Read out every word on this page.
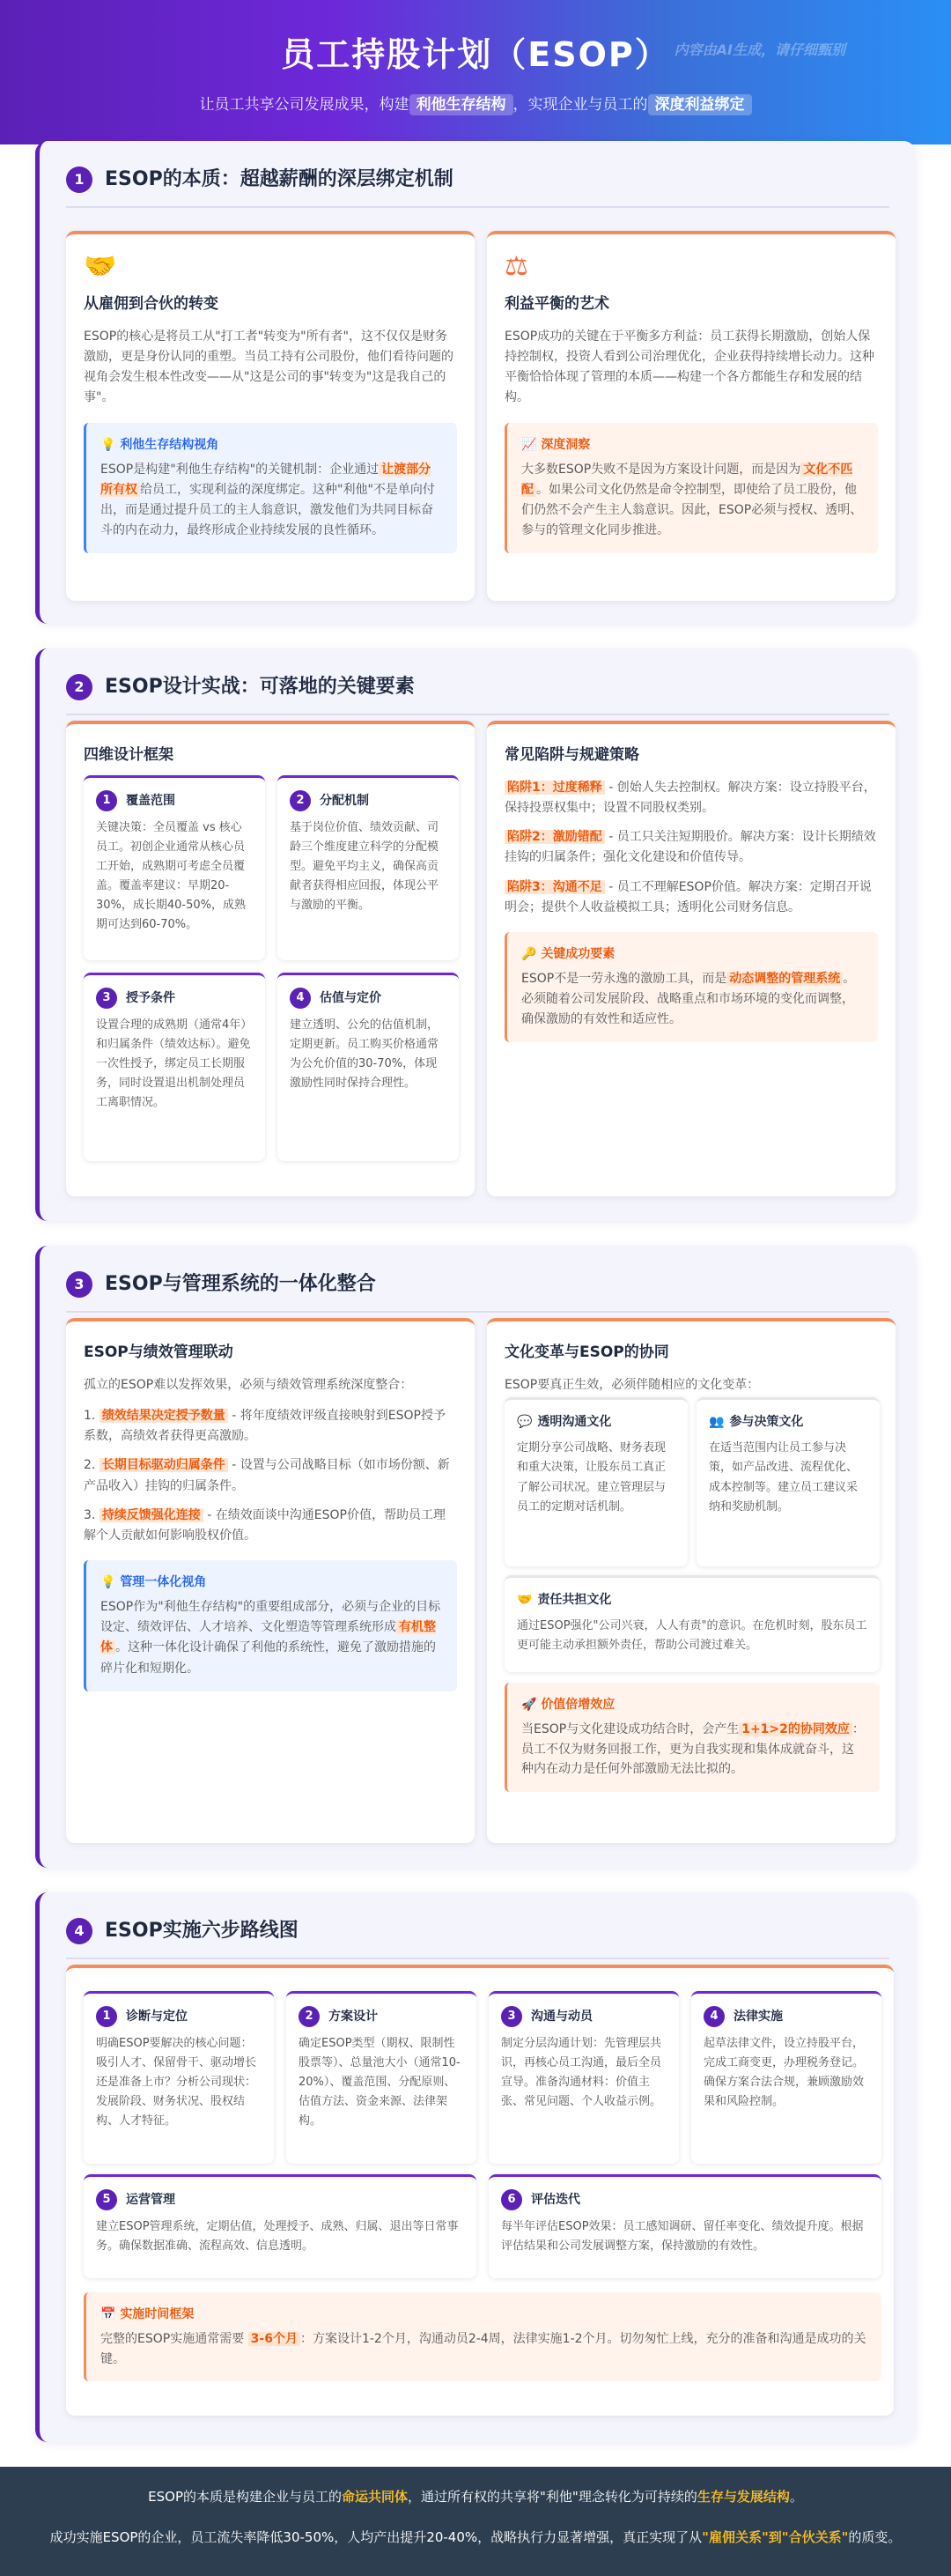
员工持股计划（ESOP）
让员工共享公司发展成果，构建 利他生存结构 ，实现企业与员工的 深度利益绑定
内容由AI生成，请仔细甄别
1	ESOP的本质：超越薪酬的深层绑定机制
🤝
从雇佣到合伙的转变

ESOP的核心是将员工从"打工者"转变为"所有者"，这不仅仅是财务激励，更是身份认同的重塑。当员工持有公司股份，他们看待问题的视角会发生根本性改变——从"这是公司的事"转变为"这是我自己的事"。

💡 利他生存结构视角

ESOP是构建"利他生存结构"的关键机制：企业通过 让渡部分所有权 给员工，实现利益的深度绑定。这种"利他"不是单向付出，而是通过提升员工的主人翁意识，激发他们为共同目标奋斗的内在动力，最终形成企业持续发展的良性循环。

⚖
利益平衡的艺术

ESOP成功的关键在于平衡多方利益：员工获得长期激励，创始人保持控制权，投资人看到公司治理优化，企业获得持续增长动力。这种平衡恰恰体现了管理的本质——构建一个各方都能生存和发展的结构。

📈 深度洞察

大多数ESOP失败不是因为方案设计问题，而是因为 文化不匹配 。如果公司文化仍然是命令控制型，即使给了员工股份，他们仍然不会产生主人翁意识。因此，ESOP必须与授权、透明、参与的管理文化同步推进。

2	ESOP设计实战：可落地的关键要素
四维设计框架
1	覆盖范围

关键决策：全员覆盖 vs 核心员工。初创企业通常从核心员工开始，成熟期可考虑全员覆盖。覆盖率建议：早期20-30%，成长期40-50%，成熟期可达到60-70%。

2	分配机制

基于岗位价值、绩效贡献、司龄三个维度建立科学的分配模型。避免平均主义，确保高贡献者获得相应回报，体现公平与激励的平衡。

3	授予条件

设置合理的成熟期（通常4年）和归属条件（绩效达标）。避免一次性授予，绑定员工长期服务，同时设置退出机制处理员工离职情况。

4	估值与定价

建立透明、公允的估值机制，定期更新。员工购买价格通常为公允价值的30-70%，体现激励性同时保持合理性。

常见陷阱与规避策略
陷阱1：过度稀释 - 创始人失去控制权。解决方案：设立持股平台，保持投票权集中；设置不同股权类别。
陷阱2：激励错配 - 员工只关注短期股价。解决方案：设计长期绩效挂钩的归属条件；强化文化建设和价值传导。
陷阱3：沟通不足 - 员工不理解ESOP价值。解决方案：定期召开说明会；提供个人收益模拟工具；透明化公司财务信息。
🔑 关键成功要素

ESOP不是一劳永逸的激励工具，而是 动态调整的管理系统 。必须随着公司发展阶段、战略重点和市场环境的变化而调整，确保激励的有效性和适应性。

3	ESOP与管理系统的一体化整合
ESOP与绩效管理联动

孤立的ESOP难以发挥效果，必须与绩效管理系统深度整合：

1. 绩效结果决定授予数量 - 将年度绩效评级直接映射到ESOP授予系数，高绩效者获得更高激励。
2. 长期目标驱动归属条件 - 设置与公司战略目标（如市场份额、新产品收入）挂钩的归属条件。
3. 持续反馈强化连接 - 在绩效面谈中沟通ESOP价值，帮助员工理解个人贡献如何影响股权价值。
💡 管理一体化视角

ESOP作为"利他生存结构"的重要组成部分，必须与企业的目标设定、绩效评估、人才培养、文化塑造等管理系统形成 有机整体 。这种一体化设计确保了利他的系统性，避免了激励措施的碎片化和短期化。

文化变革与ESOP的协同

ESOP要真正生效，必须伴随相应的文化变革：

💬 透明沟通文化

定期分享公司战略、财务表现和重大决策，让股东员工真正了解公司状况。建立管理层与员工的定期对话机制。

👥 参与决策文化

在适当范围内让员工参与决策，如产品改进、流程优化、成本控制等。建立员工建议采纳和奖励机制。

🤝 责任共担文化

通过ESOP强化"公司兴衰，人人有责"的意识。在危机时刻，股东员工更可能主动承担额外责任，帮助公司渡过难关。

🚀 价值倍增效应

当ESOP与文化建设成功结合时，会产生 1+1>2的协同效应 ：员工不仅为财务回报工作，更为自我实现和集体成就奋斗，这种内在动力是任何外部激励无法比拟的。

4	ESOP实施六步路线图
1	诊断与定位

明确ESOP要解决的核心问题：吸引人才、保留骨干、驱动增长还是准备上市？分析公司现状：发展阶段、财务状况、股权结构、人才特征。

2	方案设计

确定ESOP类型（期权、限制性股票等）、总量池大小（通常10-20%）、覆盖范围、分配原则、估值方法、资金来源、法律架构。

3	沟通与动员

制定分层沟通计划：先管理层共识，再核心员工沟通，最后全员宣导。准备沟通材料：价值主张、常见问题、个人收益示例。

4	法律实施

起草法律文件，设立持股平台，完成工商变更，办理税务登记。确保方案合法合规，兼顾激励效果和风险控制。

5	运营管理

建立ESOP管理系统，定期估值，处理授予、成熟、归属、退出等日常事务。确保数据准确、流程高效、信息透明。

6	评估迭代

每半年评估ESOP效果：员工感知调研、留任率变化、绩效提升度。根据评估结果和公司发展调整方案，保持激励的有效性。

📅 实施时间框架

完整的ESOP实施通常需要 3-6个月 ：方案设计1-2个月，沟通动员2-4周，法律实施1-2个月。切勿匆忙上线，充分的准备和沟通是成功的关键。

ESOP的本质是构建企业与员工的命运共同体，通过所有权的共享将"利他"理念转化为可持续的生存与发展结构。

成功实施ESOP的企业，员工流失率降低30-50%，人均产出提升20-40%，战略执行力显著增强，真正实现了从"雇佣关系"到"合伙关系"的质变。
